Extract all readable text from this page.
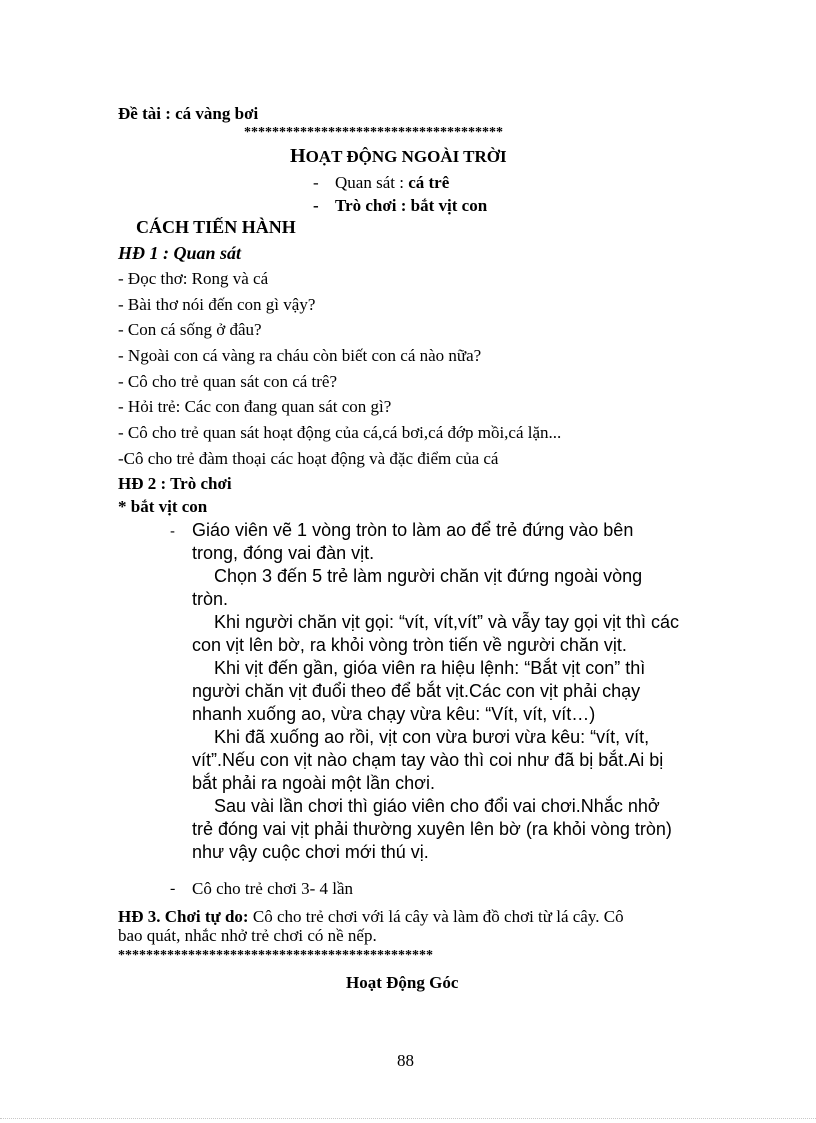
Đề tài : cá vàng bơi

*************************************

HOẠT ĐỘNG NGOÀI TRỜI

- Quan sát : cá trê

- Trò chơi : bắt vịt con

CÁCH TIẾN HÀNH

HĐ 1 : Quan sát

- Đọc thơ: Rong và cá

- Bài thơ nói đến con gì vậy?

- Con cá sống ở đâu?

- Ngoài con cá vàng ra cháu còn biết con cá nào nữa?

- Cô cho trẻ quan sát con cá trê?

- Hỏi trẻ: Các con đang quan sát con gì?

- Cô cho trẻ quan sát hoạt động của cá,cá bơi,cá đớp mồi,cá lặn...

-Cô cho trẻ đàm thoại các hoạt động và đặc điểm của cá

HĐ 2 : Trò chơi

* bắt vịt con

- Giáo viên vẽ 1 vòng tròn to làm ao để trẻ đứng vào bên

trong, đóng vai đàn vịt.

Chọn 3 đến 5 trẻ làm người chăn vịt đứng ngoài vòng

tròn.

Khi người chăn vịt gọi: “vít, vít,vít” và vẫy tay gọi vịt thì các

con vịt lên bờ, ra khỏi vòng tròn tiến về người chăn vịt.

Khi vịt đến gần, gióa viên ra hiệu lệnh: “Bắt vịt con” thì

người chăn vịt đuổi theo để bắt vịt.Các con vịt phải chạy

nhanh xuống ao, vừa chạy vừa kêu: “Vít, vít, vít…)

Khi đã xuống ao rồi, vịt con vừa bươi vừa kêu: “vít, vít,

vít”.Nếu con vịt nào chạm tay vào thì coi như đã bị bắt.Ai bị

bắt phải ra ngoài một lần chơi.

Sau vài lần chơi thì giáo viên cho đổi vai chơi.Nhắc nhở

trẻ đóng vai vịt phải thường xuyên lên bờ (ra khỏi vòng tròn)

như vậy cuộc chơi mới thú vị.

- Cô cho trẻ chơi 3- 4 lần

HĐ 3. Chơi tự do: Cô cho trẻ chơi với lá cây và làm đồ chơi từ lá cây. Cô

bao quát, nhắc nhở trẻ chơi có nề nếp.

*********************************************

Hoạt Động Góc

88
